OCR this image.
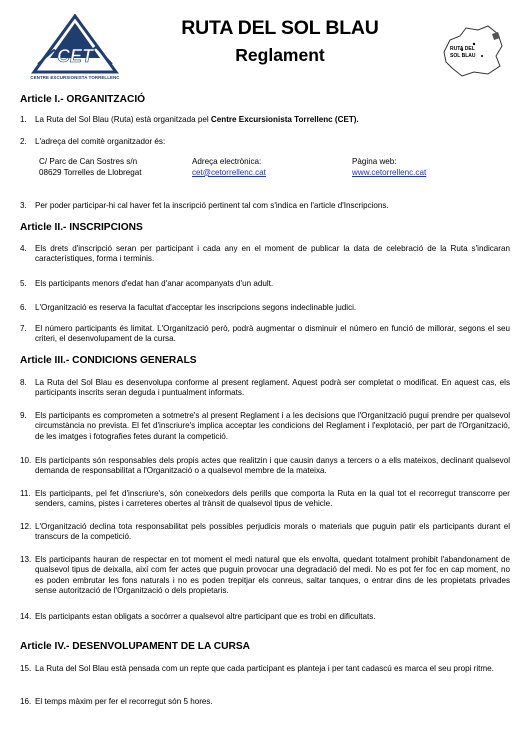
CET
CENTRE EXCURSIONISTA TORRELLENC
RUTA DEL SOL BLAU
Reglament	RUTA DEL
SOL BLAU
Article I.- ORGANITZACIÓ
1. La Ruta del Sol Blau (Ruta) està organitzada pel Centre Excursionista Torrellenc (CET).
2. L'adreça del comitè organitzador és:
C/ Parc de Can Sostres s/n
08629 Torrelles de Llobregat
Adreça electrònica:
cet@cetorrellenc.cat
Pàgina web:
www.cetorrellenc.cat
3. Per poder participar-hi cal haver fet la inscripció pertinent tal com s'indica en l'article d'Inscripcions.
Article II.- INSCRIPCIONS
4. Els drets d'inscripció seran per participant i cada any en el moment de publicar la data de celebració de la Ruta s'indicaran característiques, forma i terminis.
5. Els participants menors d'edat han d'anar acompanyats d'un adult.
6. L'Organització es reserva la facultat d'acceptar les inscripcions segons indeclinable judici.
7. El número participants és limitat. L'Organització però, podrà augmentar o disminuir el número en funció de millorar, segons el seu criteri, el desenvolupament de la cursa.
Article III.- CONDICIONS GENERALS
8. La Ruta del Sol Blau es desenvolupa conforme al present reglament. Aquest podrà ser completat o modificat. En aquest cas, els participants inscrits seran deguda i puntualment informats.
9. Els participants es comprometen a sotmetre's al present Reglament i a les decisions que l'Organització pugui prendre per qualsevol circumstància no prevista. El fet d'inscriure's implica acceptar les condicions del Reglament i l'explotació, per part de l'Organització, de les imatges i fotografies fetes durant la competició.
10. Els participants són responsables dels propis actes que realitzin i que causin danys a tercers o a ells mateixos, declinant qualsevol demanda de responsabilitat a l'Organització o a qualsevol membre de la mateixa.
11. Els participants, pel fet d'inscriure's, són coneixedors dels perills que comporta la Ruta en la qual tot el recorregut transcorre per senders, camins, pistes i carreteres obertes al trànsit de qualsevol tipus de vehicle.
12. L'Organització declina tota responsabilitat pels possibles perjudicis morals o materials que puguin patir els participants durant el transcurs de la competició.
13. Els participants hauran de respectar en tot moment el medi natural que els envolta, quedant totalment prohibit l'abandonament de qualsevol tipus de deixalla, així com fer actes que puguin provocar una degradació del medi. No es pot fer foc en cap moment, no es poden embrutar les fons naturals i no es poden trepitjar els conreus, saltar tanques, o entrar dins de les propietats privades sense autorització de l'Organització o dels propietaris.
14. Els participants estan obligats a socórrer a qualsevol altre participant que es trobi en dificultats.
Article IV.- DESENVOLUPAMENT DE LA CURSA
15. La Ruta del Sol Blau està pensada com un repte que cada participant es planteja i per tant cadascú es marca el seu propi ritme.
16. El temps màxim per fer el recorregut són 5 hores.
